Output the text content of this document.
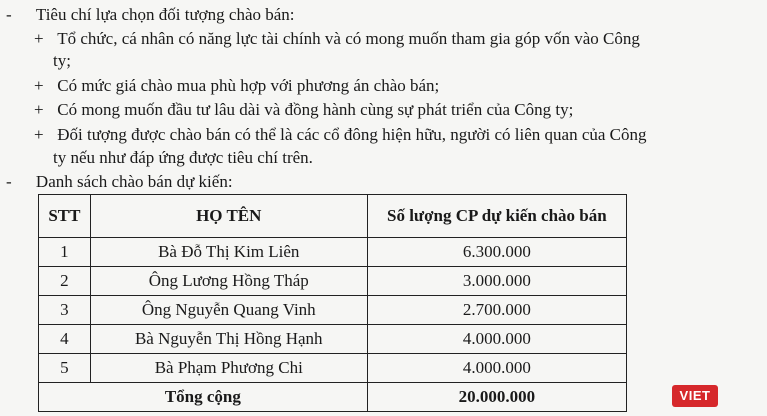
- Tiêu chí lựa chọn đối tượng chào bán:
+ Tổ chức, cá nhân có năng lực tài chính và có mong muốn tham gia góp vốn vào Công
ty;
+ Có mức giá chào mua phù hợp với phương án chào bán;
+ Có mong muốn đầu tư lâu dài và đồng hành cùng sự phát triển của Công ty;
+ Đối tượng được chào bán có thể là các cổ đông hiện hữu, người có liên quan của Công
ty nếu như đáp ứng được tiêu chí trên.
- Danh sách chào bán dự kiến:
STT	HỌ TÊN	Số lượng CP dự kiến chào bán
1	Bà Đỗ Thị Kim Liên	6.300.000
2	Ông Lương Hồng Tháp	3.000.000
3	Ông Nguyễn Quang Vinh	2.700.000
4	Bà Nguyễn Thị Hồng Hạnh	4.000.000
5	Bà Phạm Phương Chi	4.000.000
Tổng cộng		20.000.000

	VIET
